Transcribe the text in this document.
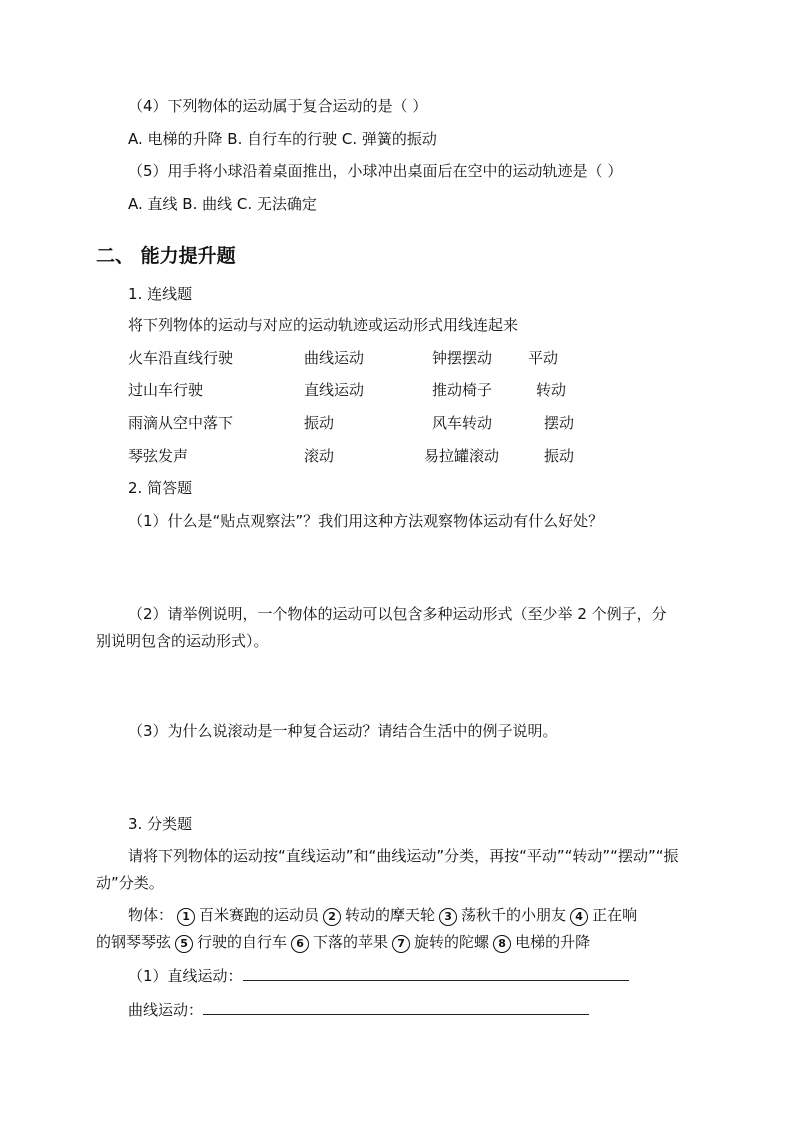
（4）下列物体的运动属于复合运动的是（ ）
A. 电梯的升降 B. 自行车的行驶 C. 弹簧的振动
（5）用手将小球沿着桌面推出，小球冲出桌面后在空中的运动轨迹是（ ）
A. 直线 B. 曲线 C. 无法确定
二、 能力提升题
1. 连线题
将下列物体的运动与对应的运动轨迹或运动形式用线连起来
火车沿直线行驶	曲线运动	钟摆摆动 平动
过山车行驶	直线运动	推动椅子	转动
雨滴从空中落下	振动	风车转动	摆动
琴弦发声	滚动	易拉罐滚动	振动
2. 简答题
（1）什么是“贴点观察法”？我们用这种方法观察物体运动有什么好处？
（2）请举例说明，一个物体的运动可以包含多种运动形式（至少举 2 个例子，分
别说明包含的运动形式）。
（3）为什么说滚动是一种复合运动？请结合生活中的例子说明。
3. 分类题
请将下列物体的运动按“直线运动”和“曲线运动”分类，再按“平动”“转动”“摆动”“振
动”分类。
物体： 1 百米赛跑的运动员 2 转动的摩天轮 3 荡秋千的小朋友 4 正在响
的钢琴琴弦 5 行驶的自行车 6 下落的苹果 7 旋转的陀螺 8 电梯的升降
（1）直线运动：
曲线运动：
